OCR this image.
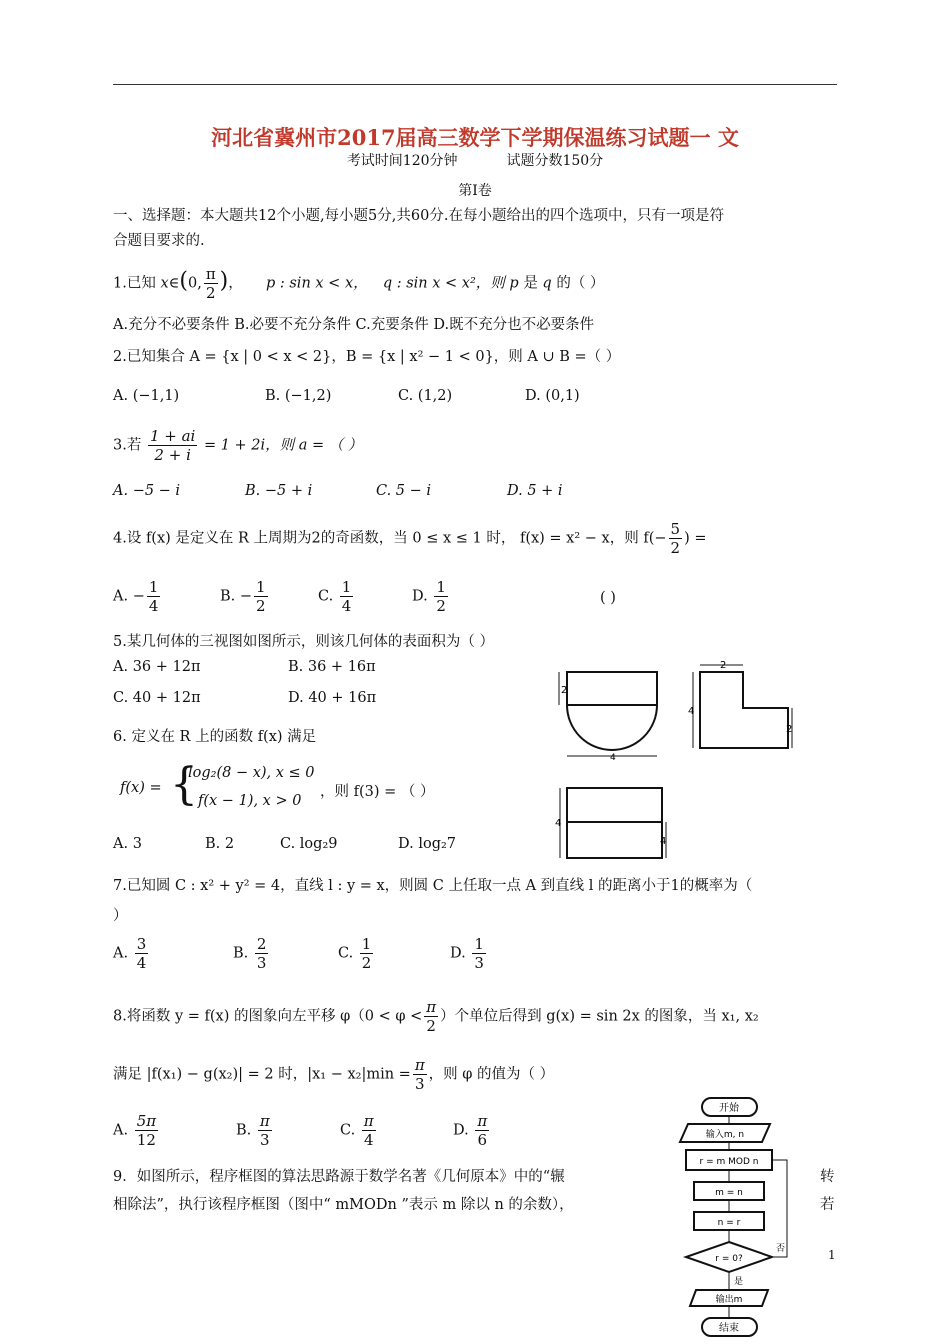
河北省冀州市2017届高三数学下学期保温练习试题一 文
考试时间120分钟	试题分数150分
第Ⅰ卷
一、选择题：本大题共12个小题,每小题5分,共60分.在每小题给出的四个选项中，只有一项是符
合题目要求的.
1.已知 x∈(0, $\frac{\pi}{2}$ )，  p : sin x < x， q : sin x < x²，则 p 是 q 的（ ）
A.充分不必要条件 B.必要不充分条件 C.充要条件 D.既不充分也不必要条件
2.已知集合 A = {x | 0 < x < 2}，B = {x | x² − 1 < 0}，则 A ∪ B =（ ）
A. (−1,1)	B. (−1,2)	C. (1,2)	D. (0,1)
3.若 $\frac{1 + ai}{2 + i} = 1 + 2i$，则 a = （ ）
A. −5 − i	B. −5 + i	C. 5 − i	D. 5 + i
4.设 f(x) 是定义在 R 上周期为2的奇函数，当 0 ≤ x ≤ 1 时， f(x) = x² − x，则 $f(- \frac{5}{2}$ ) =
A. − $\frac{1}{4}$	B. − $\frac{1}{2}$	C. $\frac{1}{4}$	D. $\frac{1}{2}$	( )
5.某几何体的三视图如图所示，则该几何体的表面积为（ ）
A. 36 + 12π	B. 36 + 16π
C. 40 + 12π	D. 40 + 16π	2
4
2
4
2
4
4
6. 定义在 R 上的函数 f(x) 满足
f(x) = {
log₂(8 − x), x ≤ 0
f(x − 1), x > 0
，则 f(3) = （ ）
A. 3	B. 2	C. log₂9	D. log₂7
7.已知圆 C : x² + y² = 4，直线 l : y = x，则圆 C 上任取一点 A 到直线 l 的距离小于1的概率为（
）
A. $\frac{3}{4}$	B. $\frac{2}{3}$	C. $\frac{1}{2}$	D. $\frac{1}{3}$
8.将函数 y = f(x) 的图象向左平移 $\varphi(0 < \varphi < \frac{\pi}{2}$ ）个单位后得到 g(x) = sin 2x 的图象，当 x₁, x₂
满足 |f(x₁) − g(x₂)| = 2 时，$|x_1 - x_2|\min = \frac{\pi}{3}$ ，则 φ 的值为（ ）
A. $\frac{5\pi}{12}$	B. $\frac{\pi}{3}$	C. $\frac{\pi}{4}$	D. $\frac{\pi}{6}$
9．如图所示，程序框图的算法思路源于数学名著《几何原本》中的“辗	转
相除法”，执行该程序框图（图中“ mMODn ”表示 m 除以 n 的余数），	若
开始
输入m, n
r = m MOD n
m = n
n = r
r = 0?
否
是
输出m
结束
1
